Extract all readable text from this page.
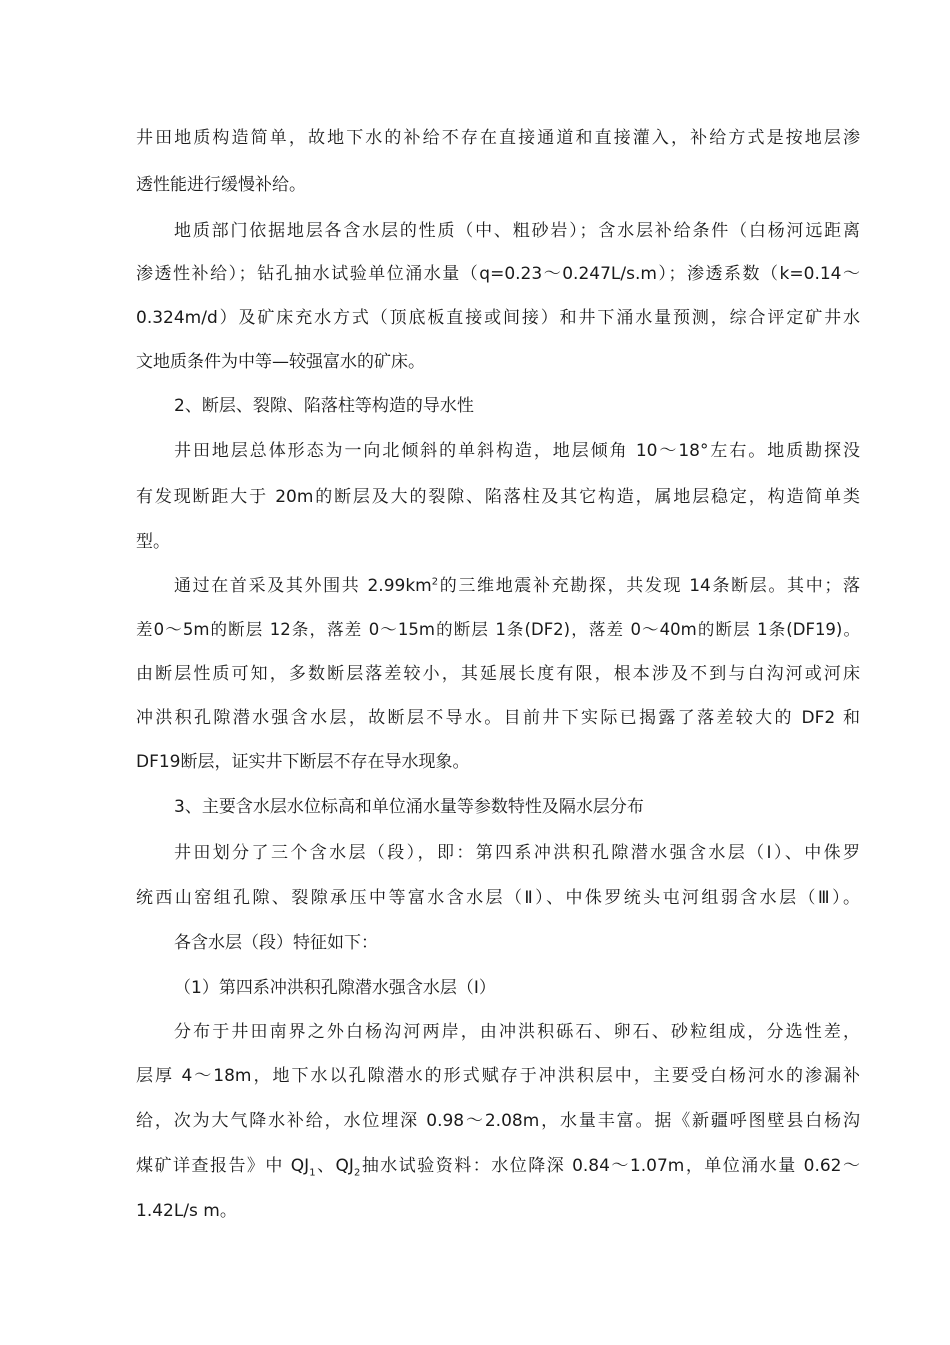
井田地质构造简单，故地下水的补给不存在直接通道和直接灌入，补给方式是按地层渗
透性能进行缓慢补给。
地质部门依据地层各含水层的性质（中、粗砂岩）；含水层补给条件（白杨河远距离
渗透性补给）；钻孔抽水试验单位涌水量（q=0.23～0.247L/s.m）；渗透系数（k=0.14～
0.324m/d）及矿床充水方式（顶底板直接或间接）和井下涌水量预测，综合评定矿井水
文地质条件为中等—较强富水的矿床。
2、断层、裂隙、陷落柱等构造的导水性
井田地层总体形态为一向北倾斜的单斜构造，地层倾角 10～18°左右。地质勘探没
有发现断距大于 20m的断层及大的裂隙、陷落柱及其它构造，属地层稳定，构造简单类
型。
通过在首采及其外围共 $2.99km^2$的三维地震补充勘探，共发现 14条断层。其中；落
差0～5m的断层 12条，落差 0～15m的断层 1条(DF2)，落差 0～40m的断层 1条(DF19)。
由断层性质可知，多数断层落差较小，其延展长度有限，根本涉及不到与白沟河或河床
冲洪积孔隙潜水强含水层，故断层不导水。目前井下实际已揭露了落差较大的 DF2 和
DF19断层，证实井下断层不存在导水现象。
3、主要含水层水位标高和单位涌水量等参数特性及隔水层分布
井田划分了三个含水层（段），即：第四系冲洪积孔隙潜水强含水层（Ⅰ）、中侏罗
统西山窑组孔隙、裂隙承压中等富水含水层（Ⅱ）、中侏罗统头屯河组弱含水层（Ⅲ）。
各含水层（段）特征如下：
（1）第四系冲洪积孔隙潜水强含水层（Ⅰ）
分布于井田南界之外白杨沟河两岸，由冲洪积砾石、卵石、砂粒组成，分选性差，
层厚 4～18m，地下水以孔隙潜水的形式赋存于冲洪积层中，主要受白杨河水的渗漏补
给，次为大气降水补给，水位埋深 0.98～2.08m，水量丰富。据《新疆呼图壁县白杨沟
煤矿详查报告》中 $QJ_1$、$QJ_2$抽水试验资料：水位降深 0.84～1.07m，单位涌水量 0.62～
1.42L/s m。
